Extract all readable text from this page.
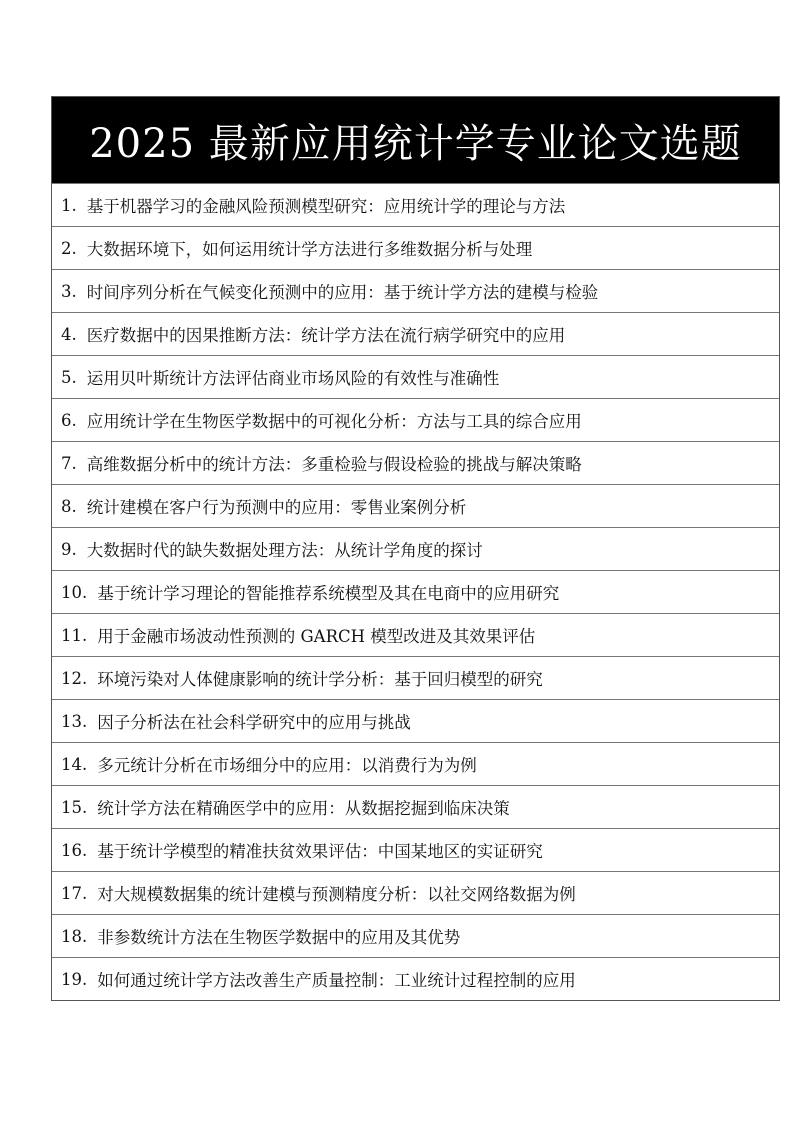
2025 最新应用统计学专业论文选题
1. 基于机器学习的金融风险预测模型研究：应用统计学的理论与方法
2. 大数据环境下，如何运用统计学方法进行多维数据分析与处理
3. 时间序列分析在气候变化预测中的应用：基于统计学方法的建模与检验
4. 医疗数据中的因果推断方法：统计学方法在流行病学研究中的应用
5. 运用贝叶斯统计方法评估商业市场风险的有效性与准确性
6. 应用统计学在生物医学数据中的可视化分析：方法与工具的综合应用
7. 高维数据分析中的统计方法：多重检验与假设检验的挑战与解决策略
8. 统计建模在客户行为预测中的应用：零售业案例分析
9. 大数据时代的缺失数据处理方法：从统计学角度的探讨
10. 基于统计学习理论的智能推荐系统模型及其在电商中的应用研究
11. 用于金融市场波动性预测的 GARCH 模型改进及其效果评估
12. 环境污染对人体健康影响的统计学分析：基于回归模型的研究
13. 因子分析法在社会科学研究中的应用与挑战
14. 多元统计分析在市场细分中的应用：以消费行为为例
15. 统计学方法在精确医学中的应用：从数据挖掘到临床决策
16. 基于统计学模型的精准扶贫效果评估：中国某地区的实证研究
17. 对大规模数据集的统计建模与预测精度分析：以社交网络数据为例
18. 非参数统计方法在生物医学数据中的应用及其优势
19. 如何通过统计学方法改善生产质量控制：工业统计过程控制的应用
